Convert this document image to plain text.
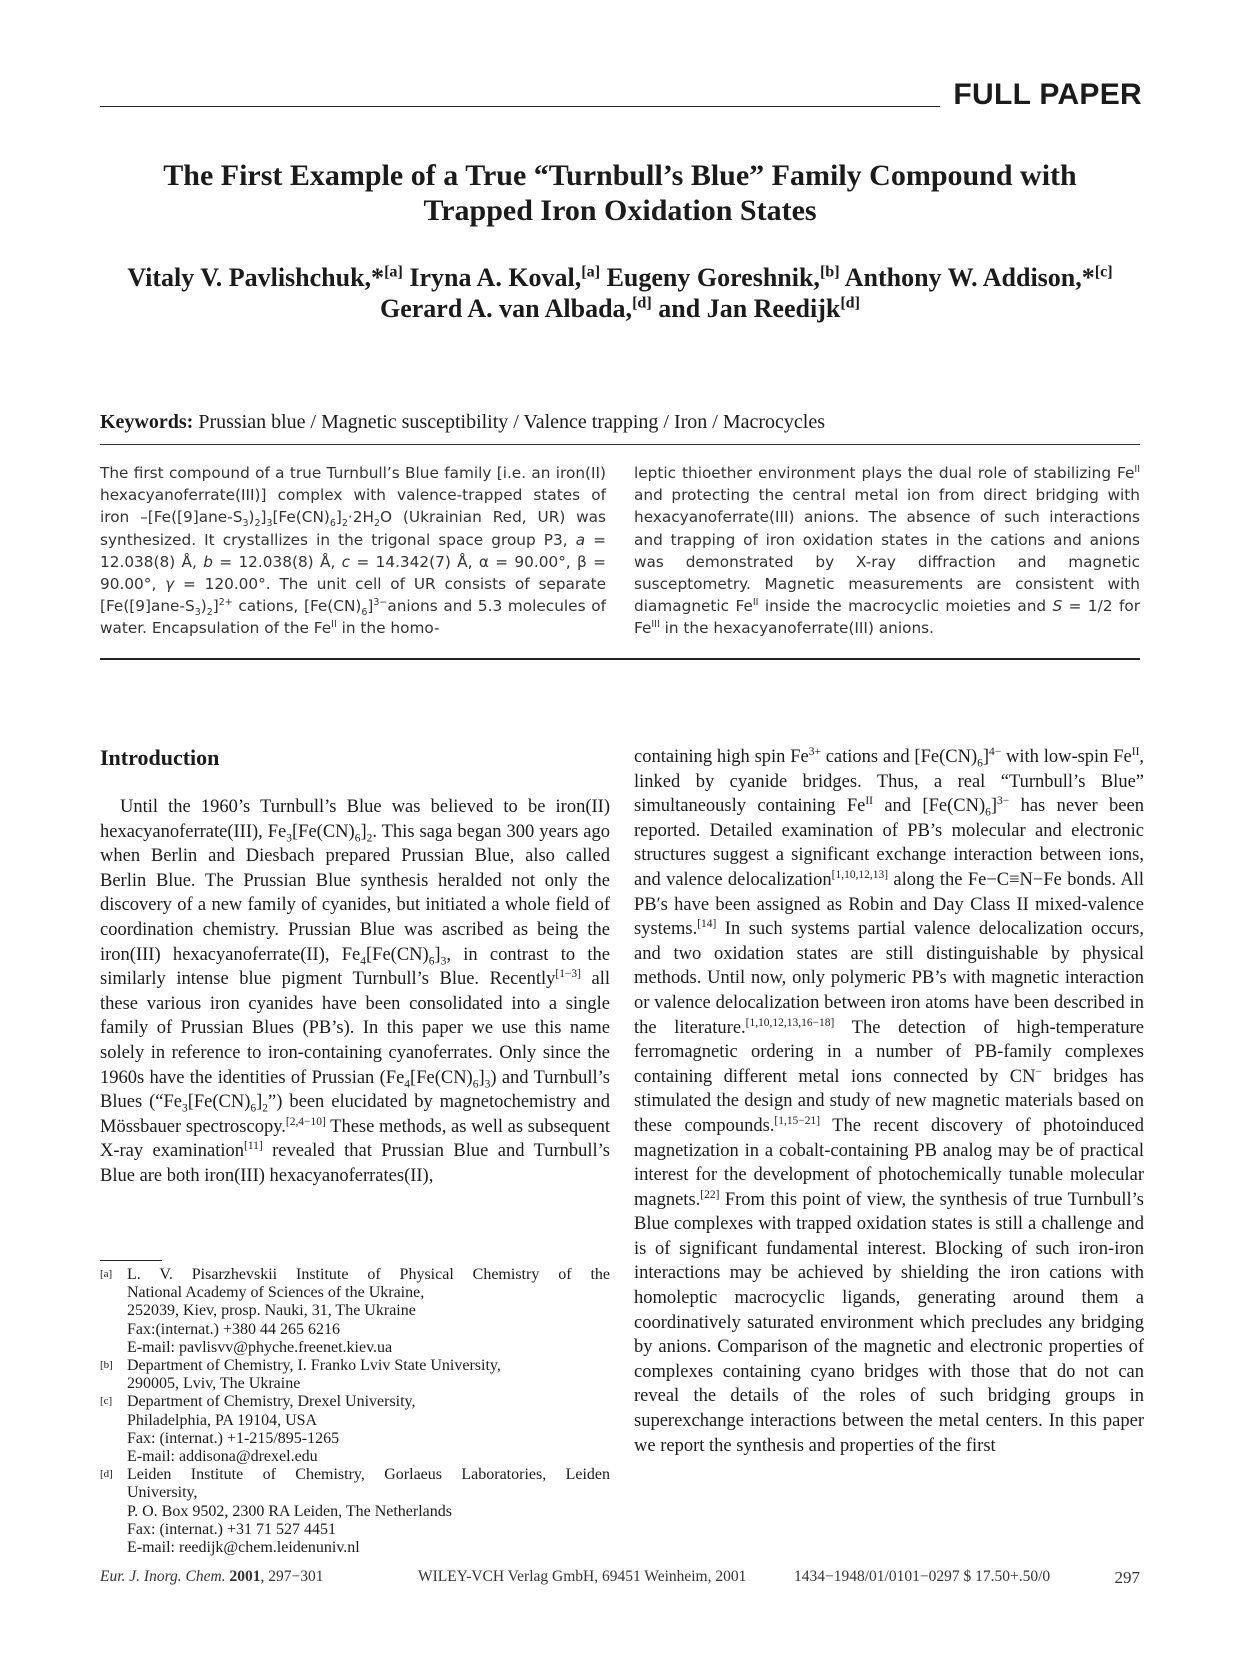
FULL PAPER
The First Example of a True “Turnbull’s Blue” Family Compound with
Trapped Iron Oxidation States
Vitaly V. Pavlishchuk,*[a] Iryna A. Koval,[a] Eugeny Goreshnik,[b] Anthony W. Addison,*[c]
Gerard A. van Albada,[d] and Jan Reedijk[d]
Keywords: Prussian blue / Magnetic susceptibility / Valence trapping / Iron / Macrocycles
The first compound of a true Turnbull’s Blue family [i.e. an iron(II) hexacyanoferrate(III)] complex with valence-trapped states of iron $-[Fe([9]ane-S_3)_2]_3[Fe(CN)_6]_2\cdot 2H_2O$ (Ukrainian Red, UR) was synthesized. It crystallizes in the trigonal space group P3, a = 12.038(8) Å, b = 12.038(8) Å, c = 14.342(7) Å, α = 90.00°, β = 90.00°, γ = 120.00°. The unit cell of UR consists of separate $[Fe([9]ane-S_3)_2]^{2+}$ cations, $[Fe(CN)_6]^{3-}anions$ and 5.3 molecules of water. Encapsulation of the $Fe^{II}$ in the homo-
leptic thioether environment plays the dual role of stabilizing $Fe^{II}$ and protecting the central metal ion from direct bridging with hexacyanoferrate(III) anions. The absence of such interactions and trapping of iron oxidation states in the cations and anions was demonstrated by X-ray diffraction and magnetic susceptometry. Magnetic measurements are consistent with diamagnetic $Fe^{II}$ inside the macrocyclic moieties and S = 1/2 for $Fe^{III}$ in the hexacyanoferrate(III) anions.
Introduction

Until the 1960’s Turnbull’s Blue was believed to be iron(II) hexacyanoferrate(III), $Fe_3[Fe(CN)_6]_2$. This saga began 300 years ago when Berlin and Diesbach prepared Prussian Blue, also called Berlin Blue. The Prussian Blue synthesis heralded not only the discovery of a new family of cyanides, but initiated a whole field of coordination chemistry. Prussian Blue was ascribed as being the iron(III) hexacyanoferrate(II), $Fe_4[Fe(CN)_6]_3$, in contrast to the similarly intense blue pigment Turnbull’s Blue. Recently[1−3] all these various iron cyanides have been consolidated into a single family of Prussian Blues (PB’s). In this paper we use this name solely in reference to iron-containing cyanoferrates. Only since the 1960s have the identities of Prussian $(Fe_4[Fe(CN)_6]_3)$ and Turnbull’s Blues $(“Fe_3[Fe(CN)_6]_2”)$ been elucidated by magnetochemistry and Mössbauer spectroscopy.[2,4−10] These methods, as well as subsequent X-ray examination[11] revealed that Prussian Blue and Turnbull’s Blue are both iron(III) hexacyanoferrates(II),

containing high spin $Fe^{3+}$ cations and $[Fe(CN)_6]^{4-}$ with low-spin $Fe^{II}$, linked by cyanide bridges. Thus, a real “Turnbull’s Blue” simultaneously containing $Fe^{II}$ and $[Fe(CN)_6]^{3-}$ has never been reported. Detailed examination of PB’s molecular and electronic structures suggest a significant exchange interaction between ions, and valence delocalization[1,10,12,13] along the Fe−C≡N−Fe bonds. All PB′s have been assigned as Robin and Day Class II mixed-valence systems.[14] In such systems partial valence delocalization occurs, and two oxidation states are still distinguishable by physical methods. Until now, only polymeric PB’s with magnetic interaction or valence delocalization between iron atoms have been described in the literature.[1,10,12,13,16−18] The detection of high-temperature ferromagnetic ordering in a number of PB-family complexes containing different metal ions connected by CN− bridges has stimulated the design and study of new magnetic materials based on these compounds.[1,15−21] The recent discovery of photoinduced magnetization in a cobalt-containing PB analog may be of practical interest for the development of photochemically tunable molecular magnets.[22] From this point of view, the synthesis of true Turnbull’s Blue complexes with trapped oxidation states is still a challenge and is of significant fundamental interest. Blocking of such iron-iron interactions may be achieved by shielding the iron cations with homoleptic macrocyclic ligands, generating around them a coordinatively saturated environment which precludes any bridging by anions. Comparison of the magnetic and electronic properties of complexes containing cyano bridges with those that do not can reveal the details of the roles of such bridging groups in superexchange interactions between the metal centers. In this paper we report the synthesis and properties of the first

[a] L. V. Pisarzhevskii Institute of Physical Chemistry of the
National Academy of Sciences of the Ukraine,
252039, Kiev, prosp. Nauki, 31, The Ukraine
Fax:(internat.) +380 44 265 6216
E-mail: pavlisvv@phyche.freenet.kiev.ua
[b] Department of Chemistry, I. Franko Lviv State University,
290005, Lviv, The Ukraine
[c] Department of Chemistry, Drexel University,
Philadelphia, PA 19104, USA
Fax: (internat.) +1-215/895-1265
E-mail: addisona@drexel.edu
[d] Leiden Institute of Chemistry, Gorlaeus Laboratories, Leiden
University,
P. O. Box 9502, 2300 RA Leiden, The Netherlands
Fax: (internat.) +31 71 527 4451
E-mail: reedijk@chem.leidenuniv.nl
Eur. J. Inorg. Chem. 2001, 297−301	WILEY-VCH Verlag GmbH, 69451 Weinheim, 2001	1434−1948/01/0101−0297 $ 17.50+.50/0	297
